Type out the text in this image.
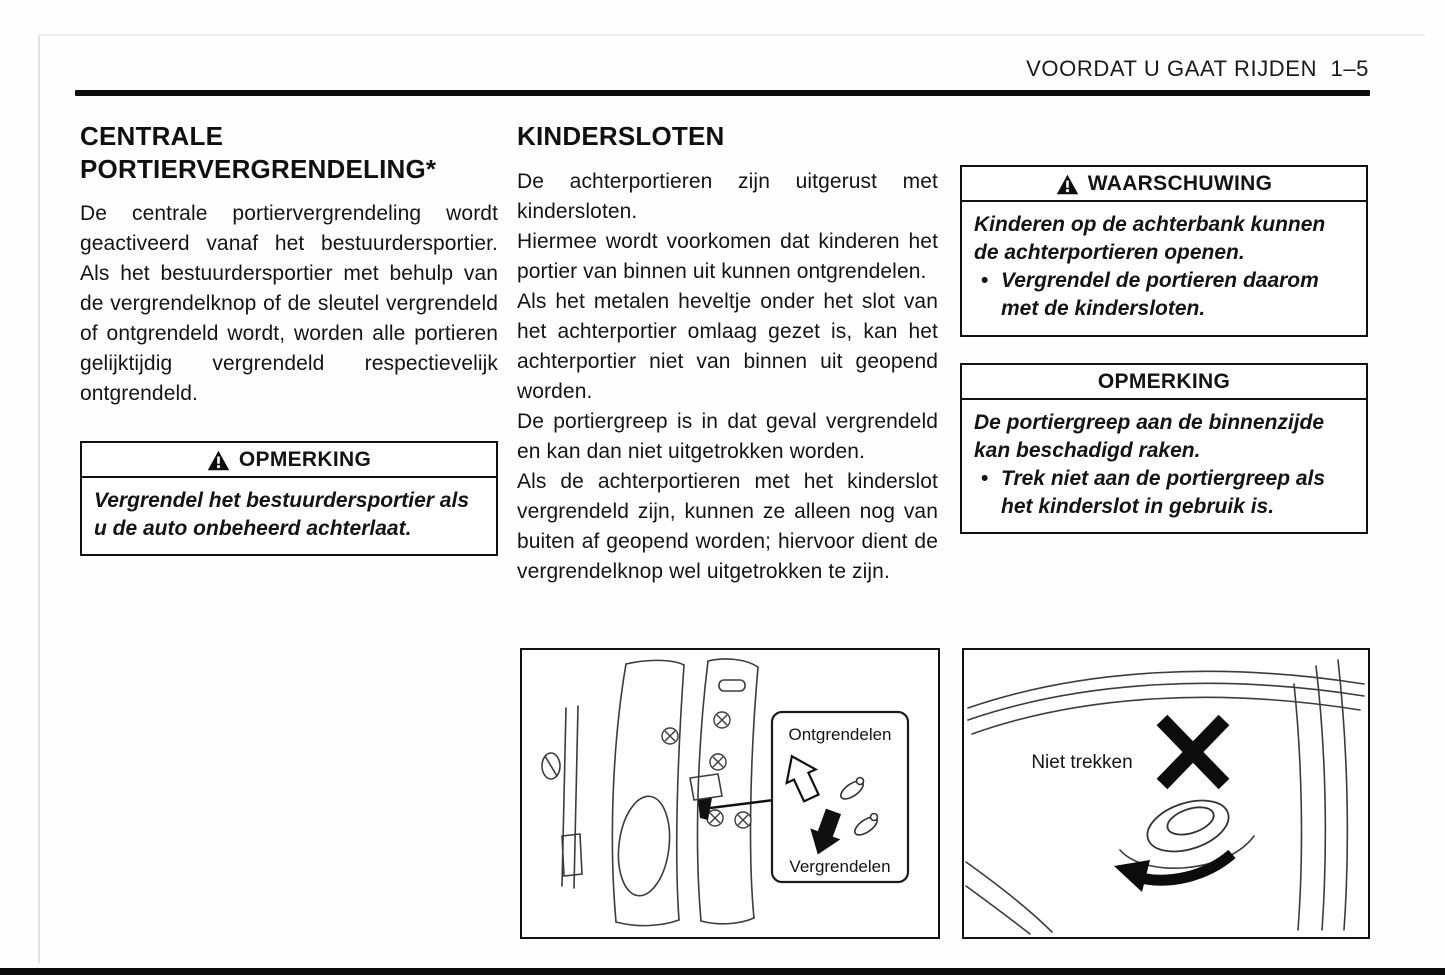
VOORDAT U GAAT RIJDEN  1–5
CENTRALE
PORTIERVERGRENDELING*
De centrale portiervergrendeling wordt geactiveerd vanaf het bestuurdersportier. Als het bestuurdersportier met behulp van de vergrendelknop of de sleutel vergrendeld of ontgrendeld wordt, worden alle portieren gelijktijdig vergrendeld respectievelijk ontgrendeld.
OPMERKING
Vergrendel het bestuurdersportier als u de auto onbeheerd achterlaat.
KINDERSLOTEN

De achterportieren zijn uitgerust met kindersloten.

Hiermee wordt voorkomen dat kinderen het portier van binnen uit kunnen ontgrendelen.

Als het metalen heveltje onder het slot van het achterportier omlaag gezet is, kan het achterportier niet van binnen uit geopend worden.

De portiergreep is in dat geval vergrendeld en kan dan niet uitgetrokken worden.

Als de achterportieren met het kinderslot vergrendeld zijn, kunnen ze alleen nog van buiten af geopend worden; hiervoor dient de vergrendelknop wel uitgetrokken te zijn.

WAARSCHUWING

Kinderen op de achterbank kunnen de achterportieren openen.

• Vergrendel de portieren daarom met de kindersloten.

OPMERKING

De portiergreep aan de binnenzijde kan beschadigd raken.

• Trek niet aan de portiergreep als het kinderslot in gebruik is.

Ontgrendelen
Vergrendelen
Niet trekken
